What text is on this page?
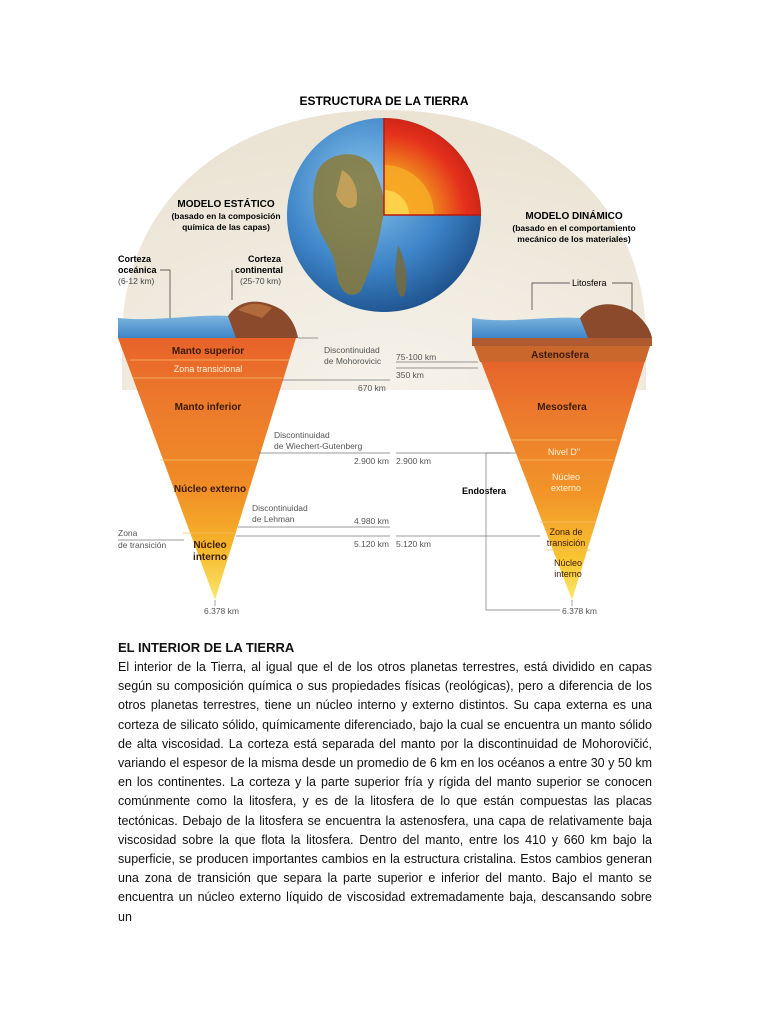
ESTRUCTURA DE LA TIERRA
MODELO ESTÁTICO
(basado en la composición
química de las capas)
MODELO DINÁMICO
(basado en el comportamiento
mecánico de los materiales)
Manto superior
Zona transicional
Manto inferior
Núcleo externo
Núcleo
interno
Corteza
oceánica
(6-12 km)
Corteza
continental
(25-70 km)
Astenosfera
Mesosfera
Nivel D"
Núcleo
externo
Zona de
transición
Núcleo
interno
Litosfera
Discontinuidad
de Mohorovicic 75-100 km
350 km
670 km
Discontinuidad
de Wiechert-Gutenberg
2.900 km 2.900 km
Endosfera
Discontinuidad
de Lehman	4.980 km
5.120 km 5.120 km
Zona
de transición
6.378 km	6.378 km
EL INTERIOR DE LA TIERRA

El interior de la Tierra, al igual que el de los otros planetas terrestres, está dividido en capas según su composición química o sus propiedades físicas (reológicas), pero a diferencia de los otros planetas terrestres, tiene un núcleo interno y externo distintos. Su capa externa es una corteza de silicato sólido, químicamente diferenciado, bajo la cual se encuentra un manto sólido de alta viscosidad. La corteza está separada del manto por la discontinuidad de Mohorovičić, variando el espesor de la misma desde un promedio de 6 km en los océanos a entre 30 y 50 km en los continentes. La corteza y la parte superior fría y rígida del manto superior se conocen comúnmente como la litosfera, y es de la litosfera de lo que están compuestas las placas tectónicas. Debajo de la litosfera se encuentra la astenosfera, una capa de relativamente baja viscosidad sobre la que flota la litosfera. Dentro del manto, entre los 410 y 660 km bajo la superficie, se producen importantes cambios en la estructura cristalina. Estos cambios generan una zona de transición que separa la parte superior e inferior del manto. Bajo el manto se encuentra un núcleo externo líquido de viscosidad extremadamente baja, descansando sobre un
